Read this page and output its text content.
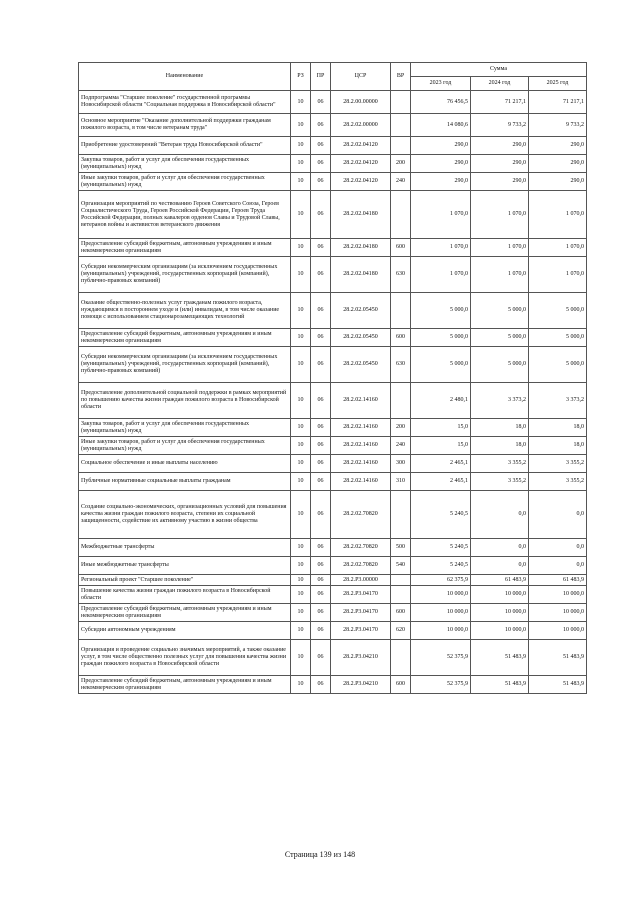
Наименование	РЗ	ПР	ЦСР	ВР	Сумма		
					2023 год	2024 год	2025 год
Подпрограмма "Старшее поколение" государственной программы Новосибирской области "Социальная поддержка в Новосибирской области"	10	06	28.2.00.00000		76 456,5	71 217,1	71 217,1
Основное мероприятие "Оказание дополнительной поддержки гражданам пожилого возраста, в том числе ветеранам труда"	10	06	28.2.02.00000		14 080,6	9 733,2	9 733,2
Приобретение удостоверений "Ветеран труда Новосибирской области"	10	06	28.2.02.04120		290,0	290,0	290,0
Закупка товаров, работ и услуг для обеспечения государственных (муниципальных) нужд	10	06	28.2.02.04120	200	290,0	290,0	290,0
Иные закупки товаров, работ и услуг для обеспечения государственных (муниципальных) нужд	10	06	28.2.02.04120	240	290,0	290,0	290,0
Организация мероприятий по чествованию Героев Советского Союза, Героев Социалистического Труда, Героев Российской Федерации, Героев Труда Российской Федерации, полных кавалеров орденов Славы и Трудовой Славы, ветеранов войны и активистов ветеранского движения	10	06	28.2.02.04180		1 070,0	1 070,0	1 070,0
Предоставление субсидий бюджетным, автономным учреждениям и иным некоммерческим организациям	10	06	28.2.02.04180	600	1 070,0	1 070,0	1 070,0
Субсидии некоммерческим организациям (за исключением государственных (муниципальных) учреждений, государственных корпораций (компаний), публично-правовых компаний)	10	06	28.2.02.04180	630	1 070,0	1 070,0	1 070,0
Оказание общественно-полезных услуг гражданам пожилого возраста, нуждающимся в постороннем уходе и (или) инвалидам, в том числе оказание помощи с использованием стационарозамещающих технологий	10	06	28.2.02.05450		5 000,0	5 000,0	5 000,0
Предоставление субсидий бюджетным, автономным учреждениям и иным некоммерческим организациям	10	06	28.2.02.05450	600	5 000,0	5 000,0	5 000,0
Субсидии некоммерческим организациям (за исключением государственных (муниципальных) учреждений, государственных корпораций (компаний), публично-правовых компаний)	10	06	28.2.02.05450	630	5 000,0	5 000,0	5 000,0
Предоставление дополнительной социальной поддержки в рамках мероприятий по повышению качества жизни граждан пожилого возраста в Новосибирской области	10	06	28.2.02.14160		2 480,1	3 373,2	3 373,2
Закупка товаров, работ и услуг для обеспечения государственных (муниципальных) нужд	10	06	28.2.02.14160	200	15,0	18,0	18,0
Иные закупки товаров, работ и услуг для обеспечения государственных (муниципальных) нужд	10	06	28.2.02.14160	240	15,0	18,0	18,0
Социальное обеспечение и иные выплаты населению	10	06	28.2.02.14160	300	2 465,1	3 355,2	3 355,2
Публичные нормативные социальные выплаты гражданам	10	06	28.2.02.14160	310	2 465,1	3 355,2	3 355,2
Создание социально-экономических, организационных условий для повышения качества жизни граждан пожилого возраста, степени их социальной защищенности, содействие их активному участию в жизни общества	10	06	28.2.02.70820		5 240,5	0,0	0,0
Межбюджетные трансферты	10	06	28.2.02.70820	500	5 240,5	0,0	0,0
Иные межбюджетные трансферты	10	06	28.2.02.70820	540	5 240,5	0,0	0,0
Региональный проект "Старшее поколение"	10	06	28.2.P3.00000		62 375,9	61 483,9	61 483,9
Повышение качества жизни граждан пожилого возраста в Новосибирской области	10	06	28.2.P3.04170		10 000,0	10 000,0	10 000,0
Предоставление субсидий бюджетным, автономным учреждениям и иным некоммерческим организациям	10	06	28.2.P3.04170	600	10 000,0	10 000,0	10 000,0
Субсидии автономным учреждениям	10	06	28.2.P3.04170	620	10 000,0	10 000,0	10 000,0
Организация и проведение социально значимых мероприятий, а также оказание услуг, в том числе общественно полезных услуг для повышения качества жизни граждан пожилого возраста в Новосибирской области	10	06	28.2.P3.04210		52 375,9	51 483,9	51 483,9
Предоставление субсидий бюджетным, автономным учреждениям и иным некоммерческим организациям	10	06	28.2.P3.04210	600	52 375,9	51 483,9	51 483,9
Страница 139 из 148
